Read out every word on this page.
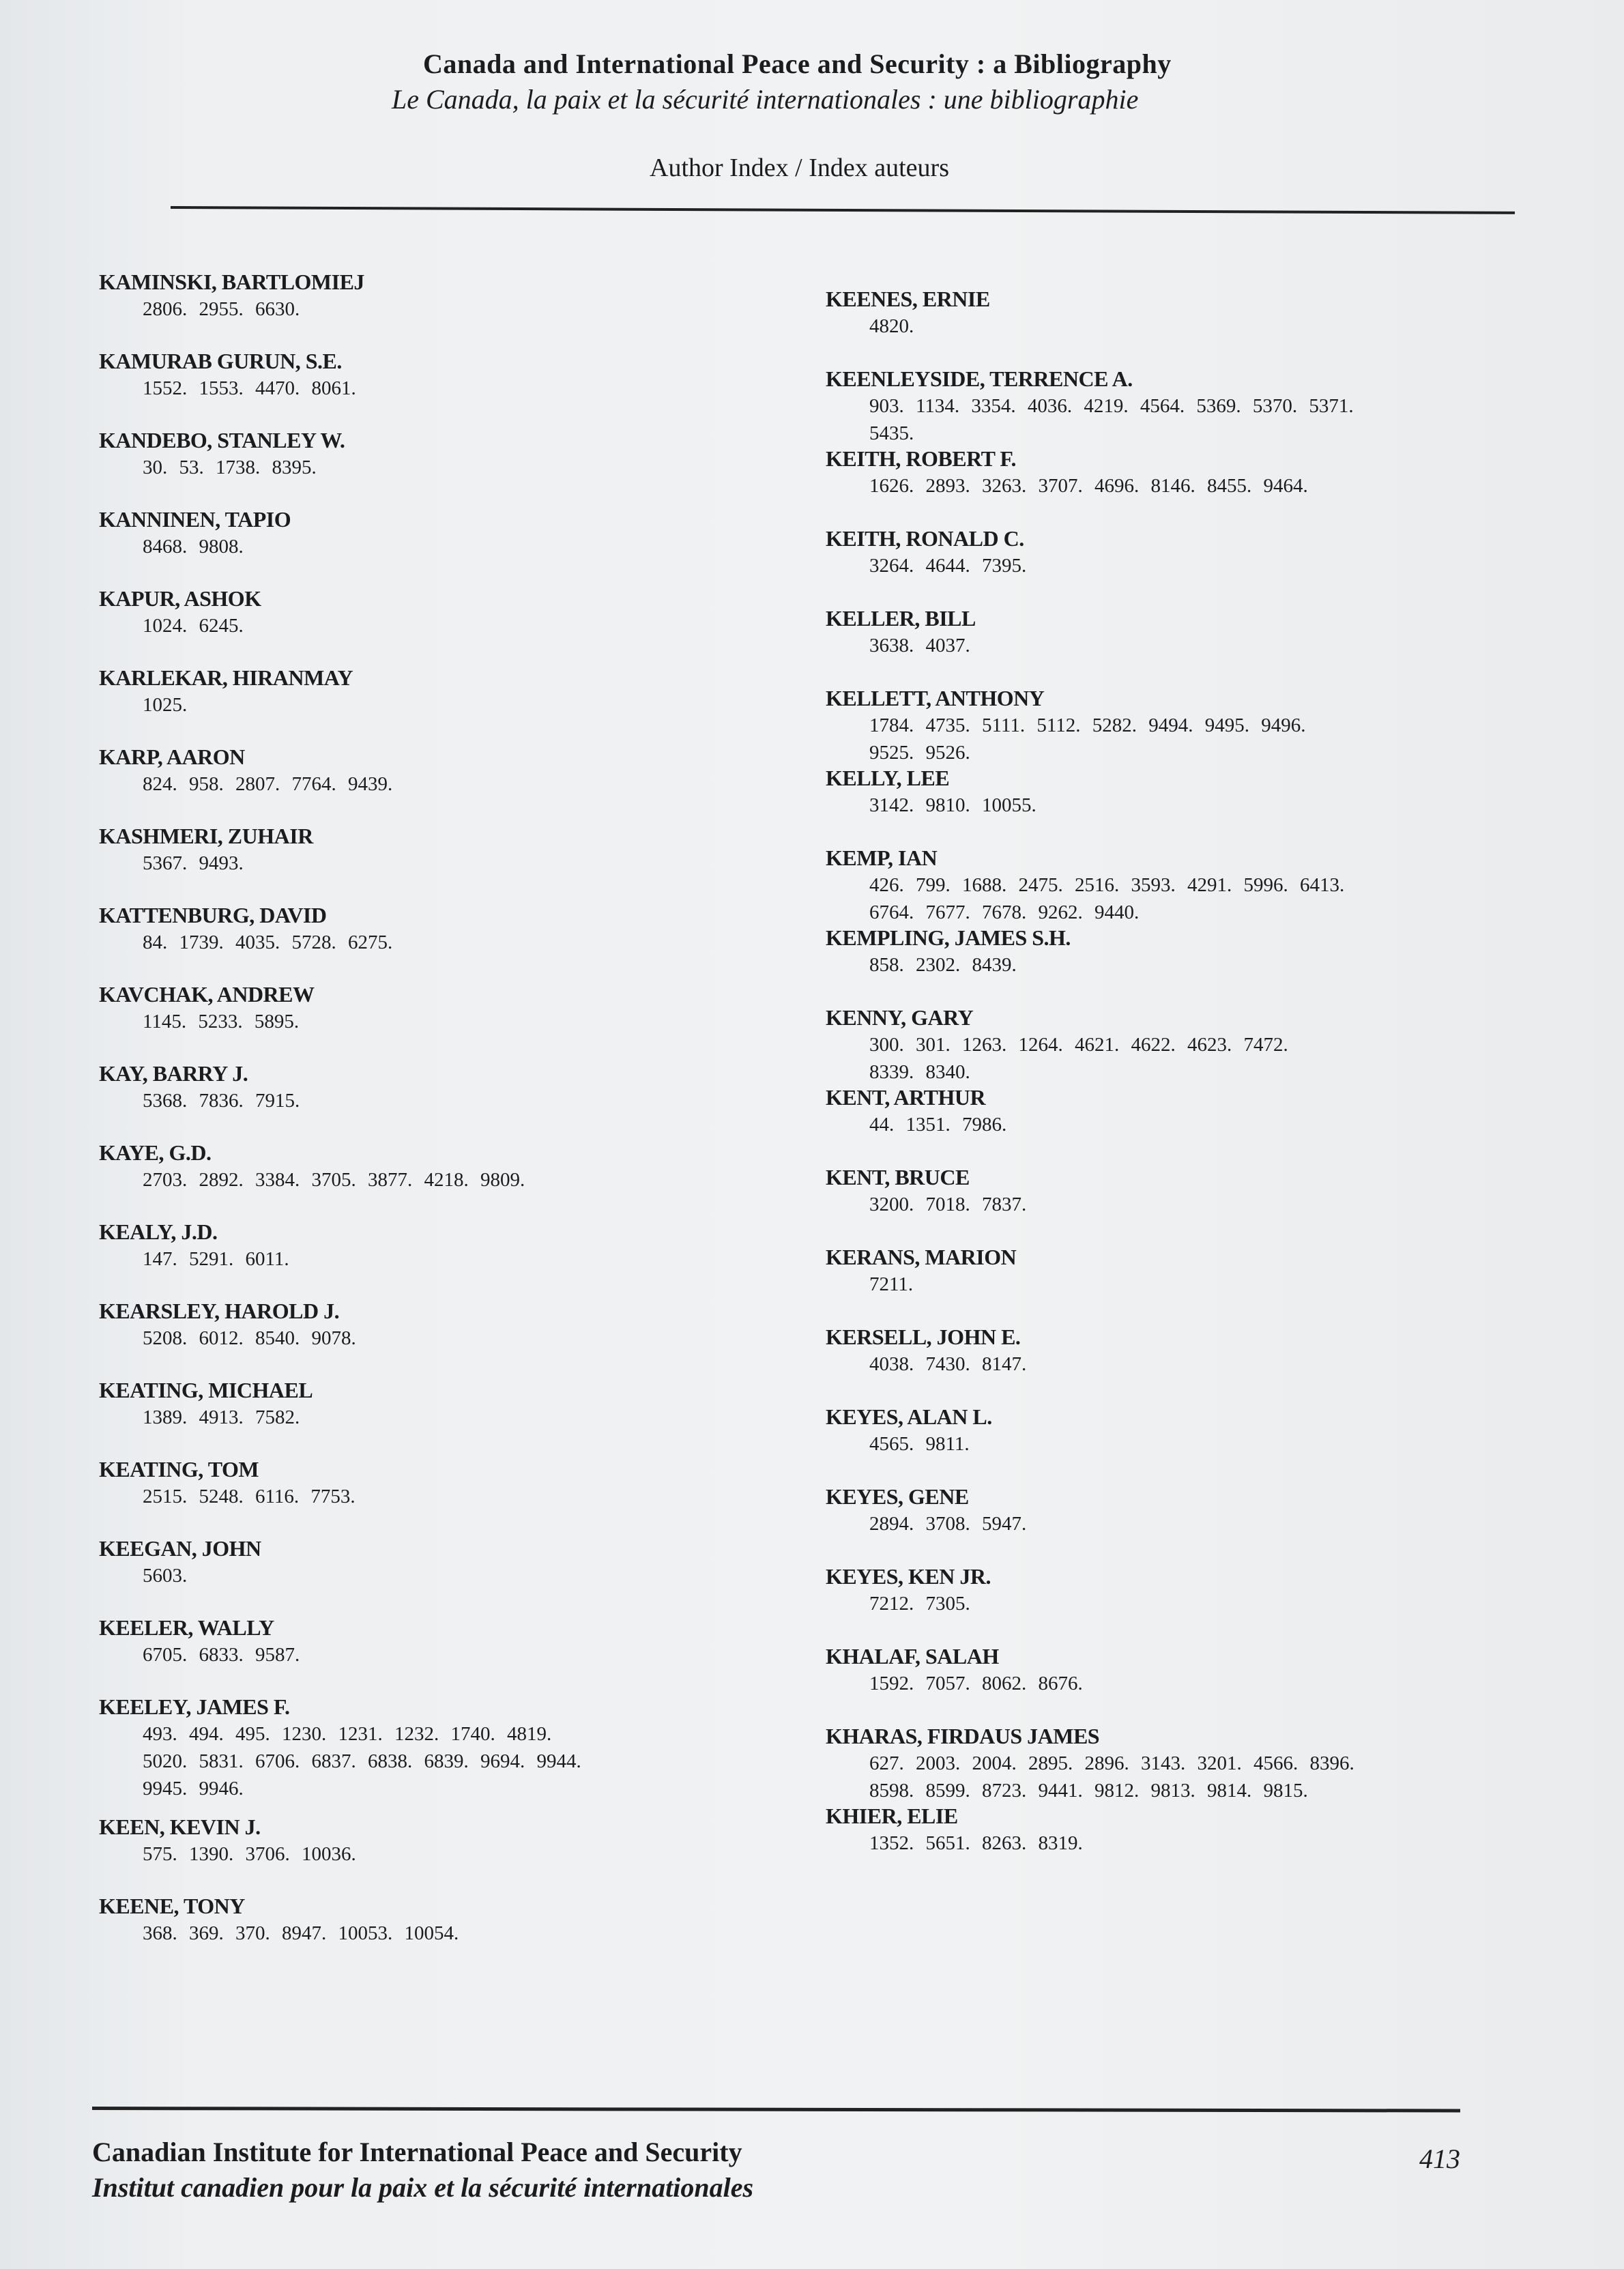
Canada and International Peace and Security : a Bibliography
Le Canada, la paix et la sécurité internationales : une bibliographie
Author Index / Index auteurs
KAMINSKI, BARTLOMIEJ
2806. 2955. 6630.
KAMURAB GURUN, S.E.
1552. 1553. 4470. 8061.
KANDEBO, STANLEY W.
30. 53. 1738. 8395.
KANNINEN, TAPIO
8468. 9808.
KAPUR, ASHOK
1024. 6245.
KARLEKAR, HIRANMAY
1025.
KARP, AARON
824. 958. 2807. 7764. 9439.
KASHMERI, ZUHAIR
5367. 9493.
KATTENBURG, DAVID
84. 1739. 4035. 5728. 6275.
KAVCHAK, ANDREW
1145. 5233. 5895.
KAY, BARRY J.
5368. 7836. 7915.
KAYE, G.D.
2703. 2892. 3384. 3705. 3877. 4218. 9809.
KEALY, J.D.
147. 5291. 6011.
KEARSLEY, HAROLD J.
5208. 6012. 8540. 9078.
KEATING, MICHAEL
1389. 4913. 7582.
KEATING, TOM
2515. 5248. 6116. 7753.
KEEGAN, JOHN
5603.
KEELER, WALLY
6705. 6833. 9587.
KEELEY, JAMES F.
493. 494. 495. 1230. 1231. 1232. 1740. 4819.
5020. 5831. 6706. 6837. 6838. 6839. 9694. 9944.
9945. 9946.
KEEN, KEVIN J.
575. 1390. 3706. 10036.
KEENE, TONY
368. 369. 370. 8947. 10053. 10054.
KEENES, ERNIE
4820.
KEENLEYSIDE, TERRENCE A.
903. 1134. 3354. 4036. 4219. 4564. 5369. 5370. 5371.
5435.
KEITH, ROBERT F.
1626. 2893. 3263. 3707. 4696. 8146. 8455. 9464.
KEITH, RONALD C.
3264. 4644. 7395.
KELLER, BILL
3638. 4037.
KELLETT, ANTHONY
1784. 4735. 5111. 5112. 5282. 9494. 9495. 9496.
9525. 9526.
KELLY, LEE
3142. 9810. 10055.
KEMP, IAN
426. 799. 1688. 2475. 2516. 3593. 4291. 5996. 6413.
6764. 7677. 7678. 9262. 9440.
KEMPLING, JAMES S.H.
858. 2302. 8439.
KENNY, GARY
300. 301. 1263. 1264. 4621. 4622. 4623. 7472.
8339. 8340.
KENT, ARTHUR
44. 1351. 7986.
KENT, BRUCE
3200. 7018. 7837.
KERANS, MARION
7211.
KERSELL, JOHN E.
4038. 7430. 8147.
KEYES, ALAN L.
4565. 9811.
KEYES, GENE
2894. 3708. 5947.
KEYES, KEN JR.
7212. 7305.
KHALAF, SALAH
1592. 7057. 8062. 8676.
KHARAS, FIRDAUS JAMES
627. 2003. 2004. 2895. 2896. 3143. 3201. 4566. 8396.
8598. 8599. 8723. 9441. 9812. 9813. 9814. 9815.
KHIER, ELIE
1352. 5651. 8263. 8319.
Canadian Institute for International Peace and Security
Institut canadien pour la paix et la sécurité internationales
413
